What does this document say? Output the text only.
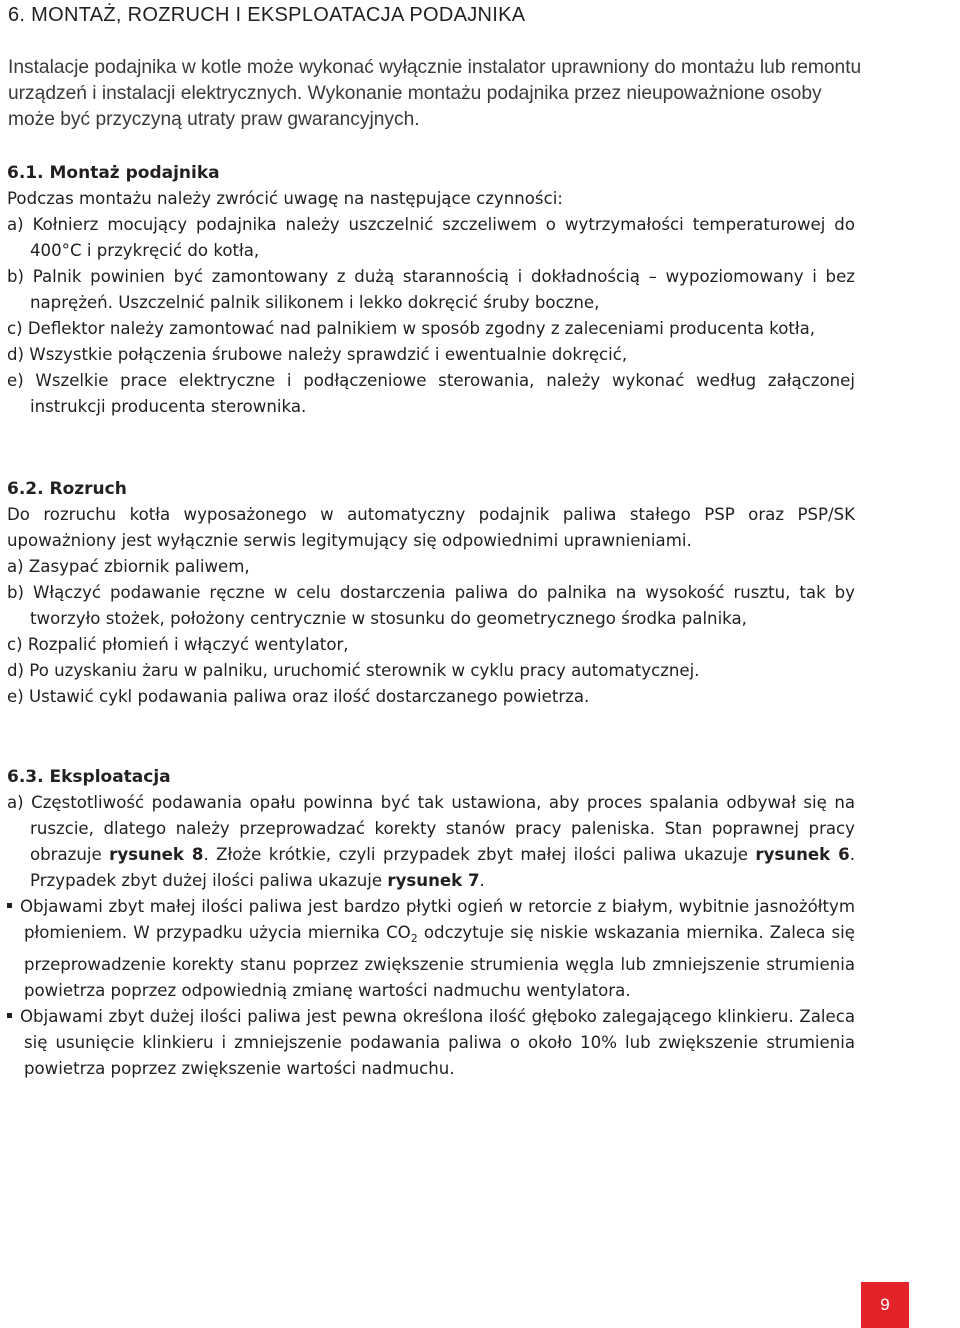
6. MONTAŻ, ROZRUCH I EKSPLOATACJA PODAJNIKA

Instalacje podajnika w kotle może wykonać wyłącznie instalator uprawniony do montażu lub remontu urządzeń i instalacji elektrycznych. Wykonanie montażu podajnika przez nieupoważnione osoby może być przyczyną utraty praw gwarancyjnych.

6.1. Montaż podajnika

Podczas montażu należy zwrócić uwagę na następujące czynności:

a) Kołnierz mocujący podajnika należy uszczelnić szczeliwem o wytrzymałości temperaturowej do 400°C i przykręcić do kotła,

b) Palnik powinien być zamontowany z dużą starannością i dokładnością – wypoziomowany i bez naprężeń. Uszczelnić palnik silikonem i lekko dokręcić śruby boczne,

c) Deflektor należy zamontować nad palnikiem w sposób zgodny z zaleceniami producenta kotła,

d) Wszystkie połączenia śrubowe należy sprawdzić i ewentualnie dokręcić,

e) Wszelkie prace elektryczne i podłączeniowe sterowania, należy wykonać według załączonej instrukcji producenta sterownika.

6.2. Rozruch

Do rozruchu kotła wyposażonego w automatyczny podajnik paliwa stałego PSP oraz PSP/SK upoważniony jest wyłącznie serwis legitymujący się odpowiednimi uprawnieniami.

a) Zasypać zbiornik paliwem,

b) Włączyć podawanie ręczne w celu dostarczenia paliwa do palnika na wysokość rusztu, tak by tworzyło stożek, położony centrycznie w stosunku do geometrycznego środka palnika,

c) Rozpalić płomień i włączyć wentylator,

d) Po uzyskaniu żaru w palniku, uruchomić sterownik w cyklu pracy automatycznej.

e) Ustawić cykl podawania paliwa oraz ilość dostarczanego powietrza.

6.3. Eksploatacja

a) Częstotliwość podawania opału powinna być tak ustawiona, aby proces spalania odbywał się na ruszcie, dlatego należy przeprowadzać korekty stanów pracy paleniska. Stan poprawnej pracy obrazuje rysunek 8. Złoże krótkie, czyli przypadek zbyt małej ilości paliwa ukazuje rysunek 6. Przypadek zbyt dużej ilości paliwa ukazuje rysunek 7.

Objawami zbyt małej ilości paliwa jest bardzo płytki ogień w retorcie z białym, wybitnie jasnożółtym płomieniem. W przypadku użycia miernika $CO_2$ odczytuje się niskie wskazania miernika. Zaleca się przeprowadzenie korekty stanu poprzez zwiększenie strumienia węgla lub zmniejszenie strumienia powietrza poprzez odpowiednią zmianę wartości nadmuchu wentylatora.

Objawami zbyt dużej ilości paliwa jest pewna określona ilość głęboko zalegającego klinkieru. Zaleca się usunięcie klinkieru i zmniejszenie podawania paliwa o około 10% lub zwiększenie strumienia powietrza poprzez zwiększenie wartości nadmuchu.

9
